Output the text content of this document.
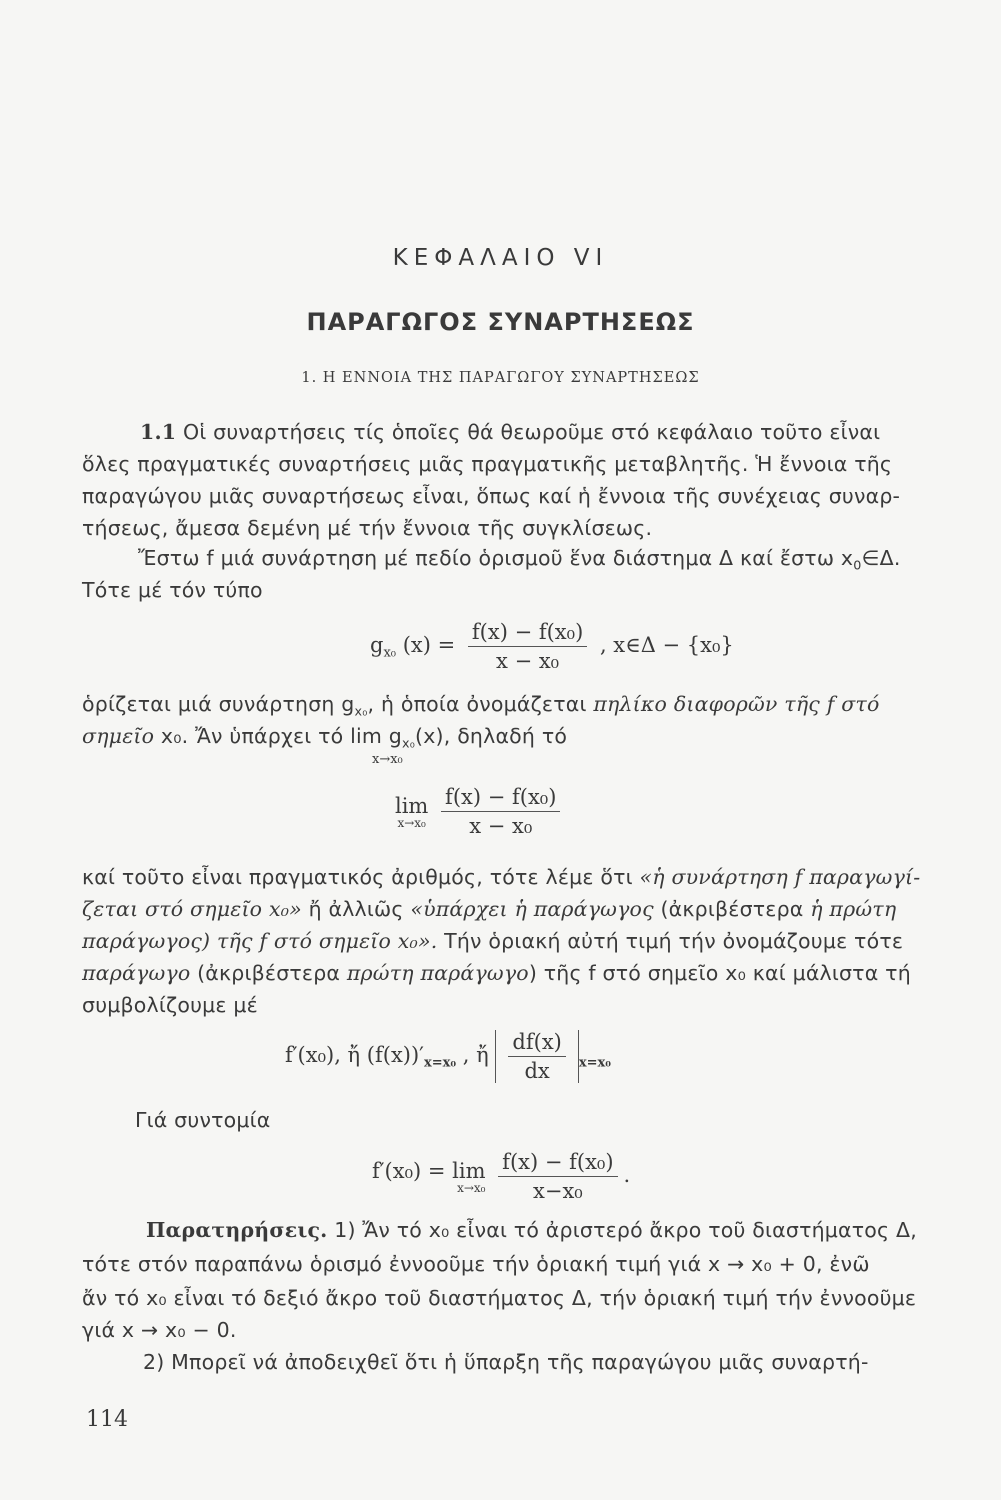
ΚΕΦΑΛΑΙΟ VI
ΠΑΡΑΓΩΓΟΣ ΣΥΝΑΡΤΗΣΕΩΣ
1. Η ΕΝΝΟΙΑ ΤΗΣ ΠΑΡΑΓΩΓΟΥ ΣΥΝΑΡΤΗΣΕΩΣ
1.1 Οἱ συναρτήσεις τίς ὁποῖες θά θεωροῦμε στό κεφάλαιο τοῦτο εἶναι
ὅλες πραγματικές συναρτήσεις μιᾶς πραγματικῆς μεταβλητῆς. Ἡ ἔννοια τῆς
παραγώγου μιᾶς συναρτήσεως εἶναι, ὅπως καί ἡ ἔννοια τῆς συνέχειας συναρ-
τήσεως, ἄμεσα δεμένη μέ τήν ἔννοια τῆς συγκλίσεως.
Ἔστω f μιά συνάρτηση μέ πεδίο ὁρισμοῦ ἕνα διάστημα Δ καί ἔστω $x_0\in\Delta$.
Τότε μέ τόν τύπο
$g_{x_0}$ $(x) = \frac{\text{f(x) − f(x₀)}}{\text{x − x₀}}$ , x∈Δ − {x₀}
ὁρίζεται μιά συνάρτηση $g_{x_0}$, ἡ ὁποία ὀνομάζεται πηλίκο διαφορῶν τῆς f στό
σημεῖο x₀. Ἄν ὑπάρχει τό $\lim g_{x_0}(x)$, δηλαδή τό
x→x₀
lim
x→x₀
$\frac{\text{f(x) − f(x₀)}}{\text{x − x₀}}$
καί τοῦτο εἶναι πραγματικός ἀριθμός, τότε λέμε ὅτι «ἡ συνάρτηση f παραγωγί-
ζεται στό σημεῖο x₀» ἤ ἀλλιῶς «ὑπάρχει ἡ παράγωγος (ἀκριβέστερα ἡ πρώτη
παράγωγος) τῆς f στό σημεῖο x₀». Τήν ὁριακή αὐτή τιμή τήν ὀνομάζουμε τότε
παράγωγο (ἀκριβέστερα πρώτη παράγωγο) τῆς f στό σημεῖο x₀ καί μάλιστα τή
συμβολίζουμε μέ
f′(x₀), ἤ $(f(x))'_{x=x_0}$ , ἤ $\frac{df(x)}{dx} _{x=x_0}$
Γιά συντομία
f′(x₀) = lim
x→x₀
$\frac{\text{f(x) − f(x₀)}}{\text{x−x₀}}$ .
Παρατηρήσεις. 1) Ἄν τό x₀ εἶναι τό ἀριστερό ἄκρο τοῦ διαστήματος Δ,
τότε στόν παραπάνω ὁρισμό ἐννοοῦμε τήν ὁριακή τιμή γιά x → x₀ + 0, ἐνῶ
ἄν τό x₀ εἶναι τό δεξιό ἄκρο τοῦ διαστήματος Δ, τήν ὁριακή τιμή τήν ἐννοοῦμε
γιά x → x₀ − 0.
2) Μπορεῖ νά ἀποδειχθεῖ ὅτι ἡ ὕπαρξη τῆς παραγώγου μιᾶς συναρτή-
114
